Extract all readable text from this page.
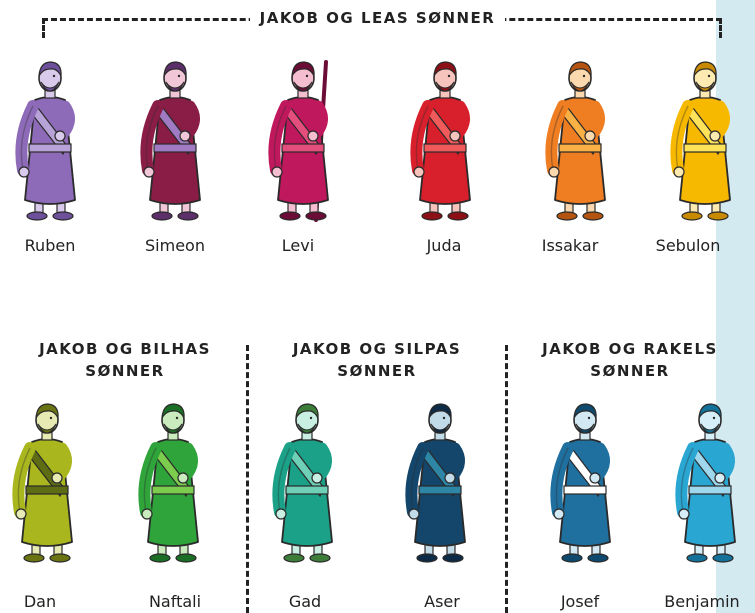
JAKOB OG LEAS SØNNER
JAKOB OG BILHAS
SØNNER
JAKOB OG SILPAS
SØNNER
JAKOB OG RAKELS
SØNNER
Ruben	Simeon	Levi	Juda	Issakar	Sebulon
Dan	Naftali	Gad	Aser	Josef	Benjamin
